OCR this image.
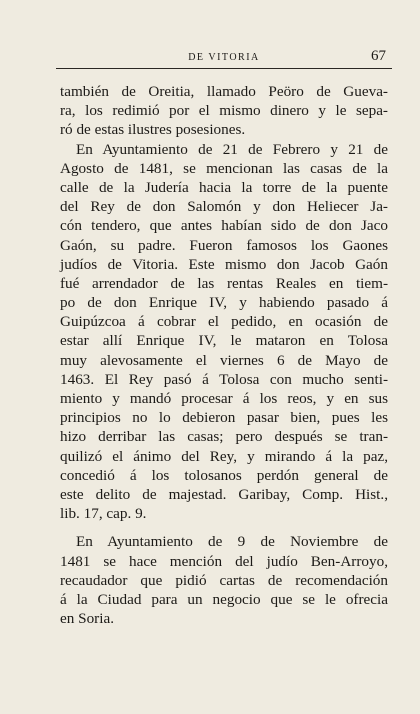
DE VITORIA	67
también de Oreitia, llamado Peöro de Gueva-
ra, los redimió por el mismo dinero y le sepa-
ró de estas ilustres posesiones.
En Ayuntamiento de 21 de Febrero y 21 de
Agosto de 1481, se mencionan las casas de la
calle de la Judería hacia la torre de la puente
del Rey de don Salomón y don Heliecer Ja-
cón tendero, que antes habían sido de don Jaco
Gaón, su padre. Fueron famosos los Gaones
judíos de Vitoria. Este mismo don Jacob Gaón
fué arrendador de las rentas Reales en tiem-
po de don Enrique IV, y habiendo pasado á
Guipúzcoa á cobrar el pedido, en ocasión de
estar allí Enrique IV, le mataron en Tolosa
muy alevosamente el viernes 6 de Mayo de
1463. El Rey pasó á Tolosa con mucho senti-
miento y mandó procesar á los reos, y en sus
principios no lo debieron pasar bien, pues les
hizo derribar las casas; pero después se tran-
quilizó el ánimo del Rey, y mirando á la paz,
concedió á los tolosanos perdón general de
este delito de majestad. Garibay, Comp. Hist.,
lib. 17, cap. 9.
En Ayuntamiento de 9 de Noviembre de
1481 se hace mención del judío Ben-Arroyo,
recaudador que pidió cartas de recomendación
á la Ciudad para un negocio que se le ofrecia
en Soria.
